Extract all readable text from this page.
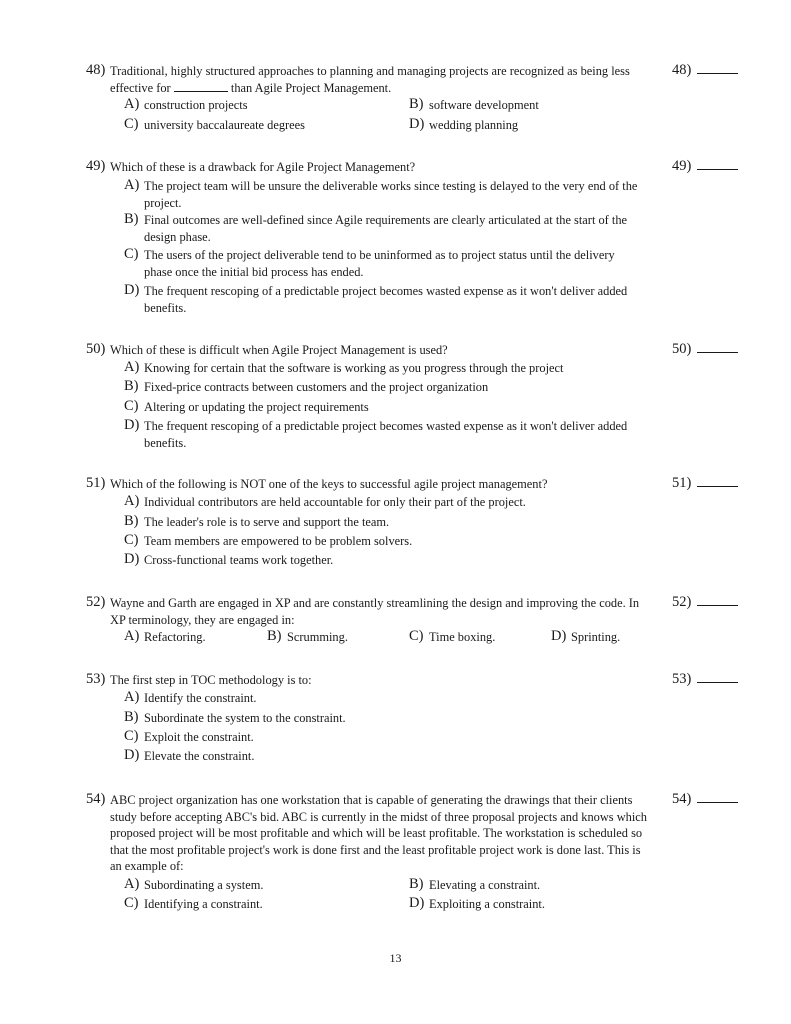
48) Traditional, highly structured approaches to planning and managing projects are recognized as being less effective for	than Agile Project Management.
48)
A) construction projects	B) software development
C) university baccalaureate degrees	D) wedding planning
49) Which of these is a drawback for Agile Project Management?	49)
A) The project team will be unsure the deliverable works since testing is delayed to the very end of the project.
B) Final outcomes are well-defined since Agile requirements are clearly articulated at the start of the design phase.
C) The users of the project deliverable tend to be uninformed as to project status until the delivery phase once the initial bid process has ended.
D) The frequent rescoping of a predictable project becomes wasted expense as it won't deliver added benefits.
50) Which of these is difficult when Agile Project Management is used?	50)
A) Knowing for certain that the software is working as you progress through the project
B) Fixed-price contracts between customers and the project organization
C) Altering or updating the project requirements
D) The frequent rescoping of a predictable project becomes wasted expense as it won't deliver added benefits.
51) Which of the following is NOT one of the keys to successful agile project management?	51)
A) Individual contributors are held accountable for only their part of the project.
B) The leader's role is to serve and support the team.
C) Team members are empowered to be problem solvers.
D) Cross-functional teams work together.
52) Wayne and Garth are engaged in XP and are constantly streamlining the design and improving the code. In XP terminology, they are engaged in:
52)
A) Refactoring.	B) Scrumming.	C) Time boxing.	D) Sprinting.
53) The first step in TOC methodology is to:	53)
A) Identify the constraint.
B) Subordinate the system to the constraint.
C) Exploit the constraint.
D) Elevate the constraint.
54) ABC project organization has one workstation that is capable of generating the drawings that their clients study before accepting ABC's bid. ABC is currently in the midst of three proposal projects and knows which proposed project will be most profitable and which will be least profitable. The workstation is scheduled so that the most profitable project's work is done first and the least profitable project work is done last. This is an example of:
54)
A) Subordinating a system.	B) Elevating a constraint.
C) Identifying a constraint.	D) Exploiting a constraint.
13
